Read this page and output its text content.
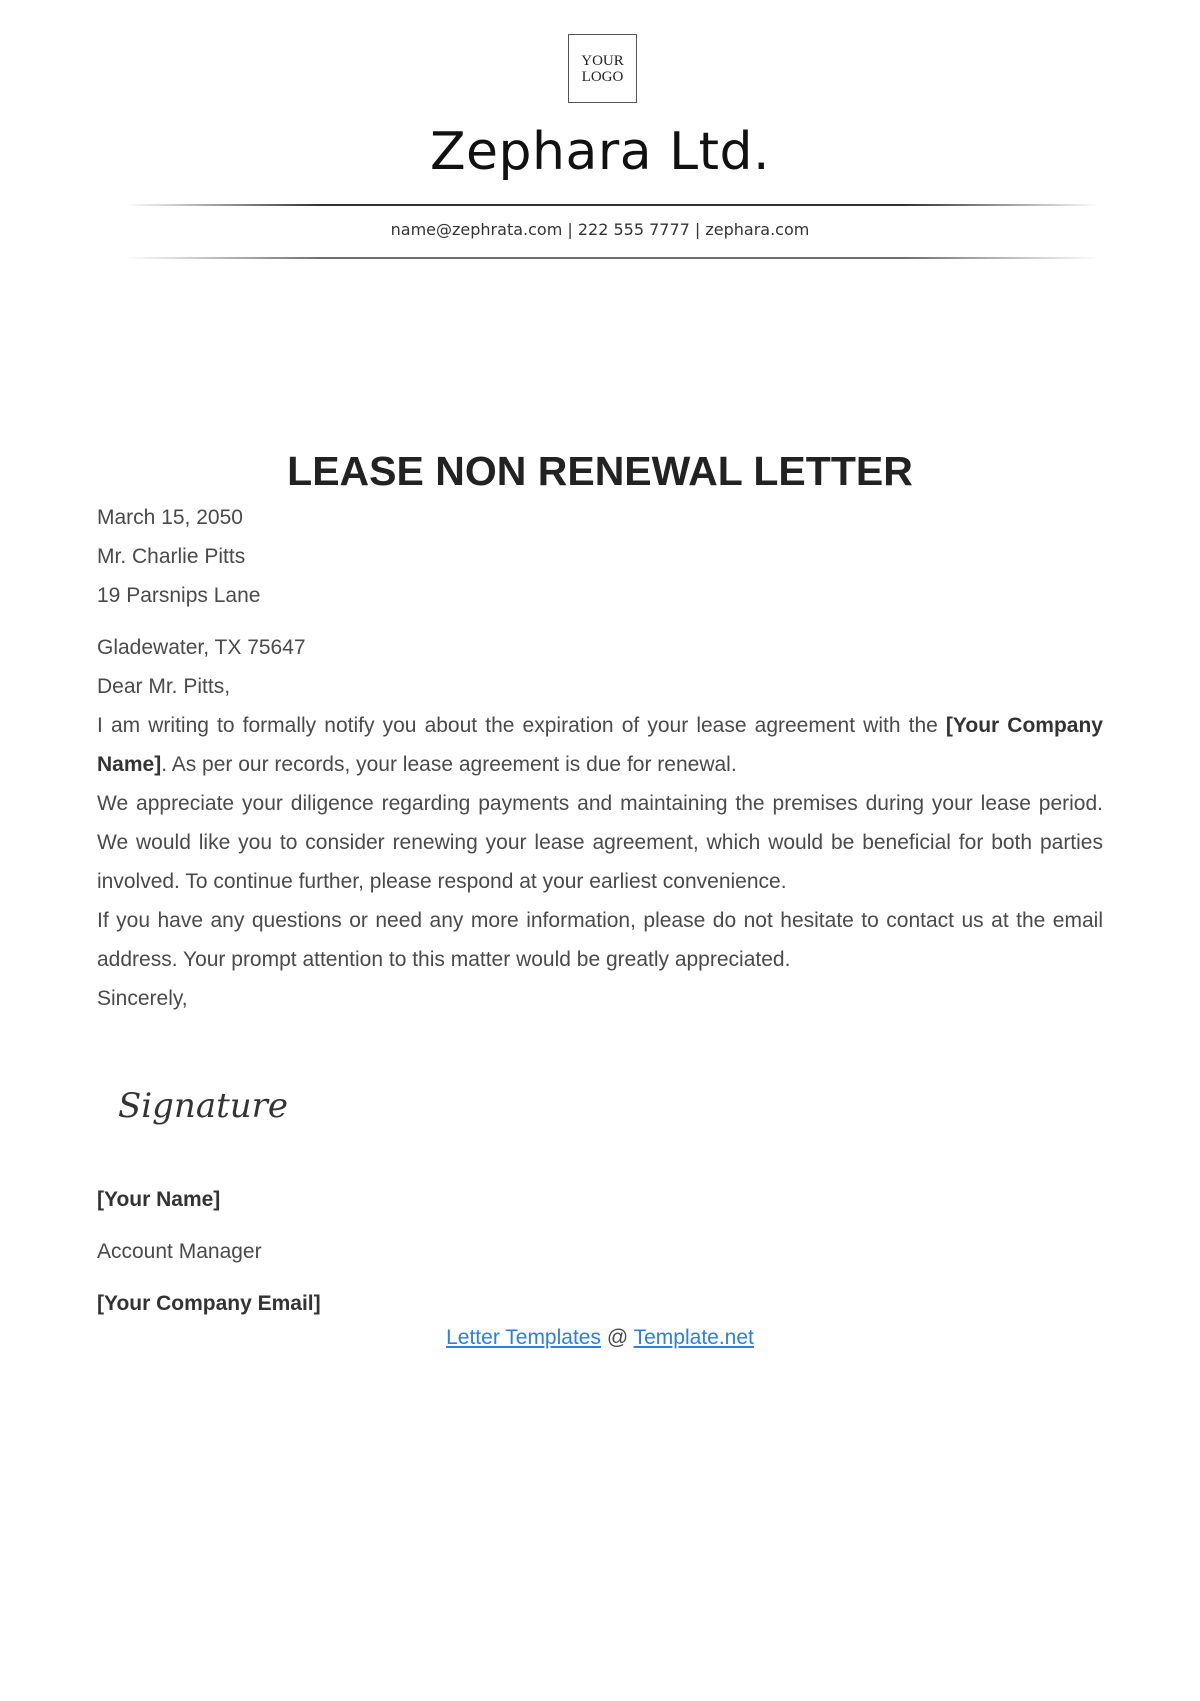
YOUR
LOGO
Zephara Ltd.
name@zephrata.com | 222 555 7777 | zephara.com
LEASE NON RENEWAL LETTER
March 15, 2050
Mr. Charlie Pitts
19 Parsnips Lane
Gladewater, TX 75647
Dear Mr. Pitts,

I am writing to formally notify you about the expiration of your lease agreement with the [Your Company Name]. As per our records, your lease agreement is due for renewal.

We appreciate your diligence regarding payments and maintaining the premises during your lease period. We would like you to consider renewing your lease agreement, which would be beneficial for both parties involved. To continue further, please respond at your earliest convenience.

If you have any questions or need any more information, please do not hesitate to contact us at the email address. Your prompt attention to this matter would be greatly appreciated.

Sincerely,

Signature
[Your Name]
Account Manager
[Your Company Email]
Letter Templates @ Template.net
